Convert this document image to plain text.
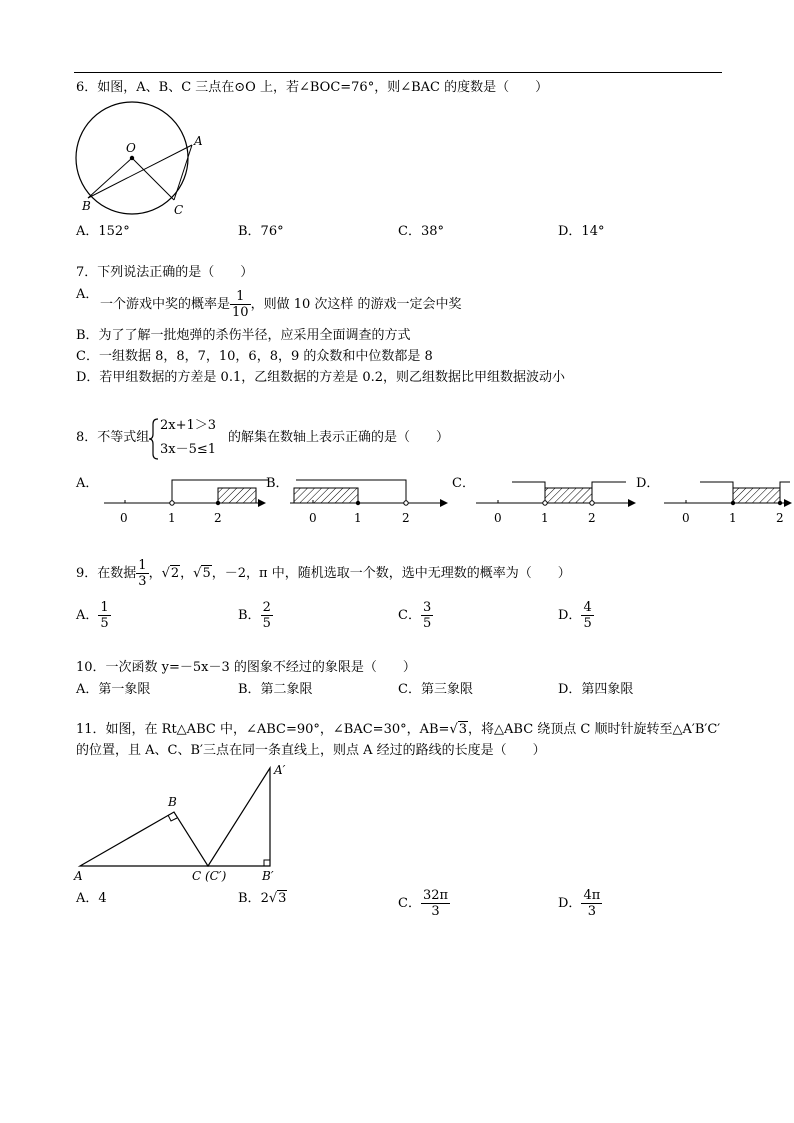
6．如图，A、B、C 三点在⊙O 上，若∠BOC=76°，则∠BAC 的度数是（　　）
O	A
B	C
A．152°	B．76°	C．38°	D．14°
7．下列说法正确的是（　　）
A．
一个游戏中奖的概率是 $\frac{1}{10}$ ，则做 10 次这样 的游戏一定会中奖
B．为了了解一批炮弹的杀伤半径，应采用全面调查的方式
C．一组数据 8，8，7，10，6，8，9 的众数和中位数都是 8
D．若甲组数据的方差是 0.1，乙组数据的方差是 0.2，则乙组数据比甲组数据波动小
8．不等式组
2x+1＞3
3x－5≤1
的解集在数轴上表示正确的是（　　）
A．	B．	C．	D．
0	1	2	0	1	2	0	1	2	0	1	2
9．在数据 $\frac{1}{3}$ ，√2，√5，－2，π 中，随机选取一个数，选中无理数的概率为（　　）
A． $\frac{1}{5}$	B． $\frac{2}{5}$	C． $\frac{3}{5}$	D． $\frac{4}{5}$
10．一次函数 y=－5x－3 的图象不经过的象限是（　　）
A．第一象限	B．第二象限	C．第三象限	D．第四象限
11．如图，在 Rt△ABC 中，∠ABC=90°，∠BAC=30°，AB=√3，将△ABC 绕顶点 C 顺时针旋转至△A′B′C′
的位置，且 A、C、B′三点在同一条直线上，则点 A 经过的路线的长度是（　　）
A
B
C (C′)
A′
B′
A．4	B．2√3	C． $\frac{32\pi}{3}$	D． $\frac{4\pi}{3}$
